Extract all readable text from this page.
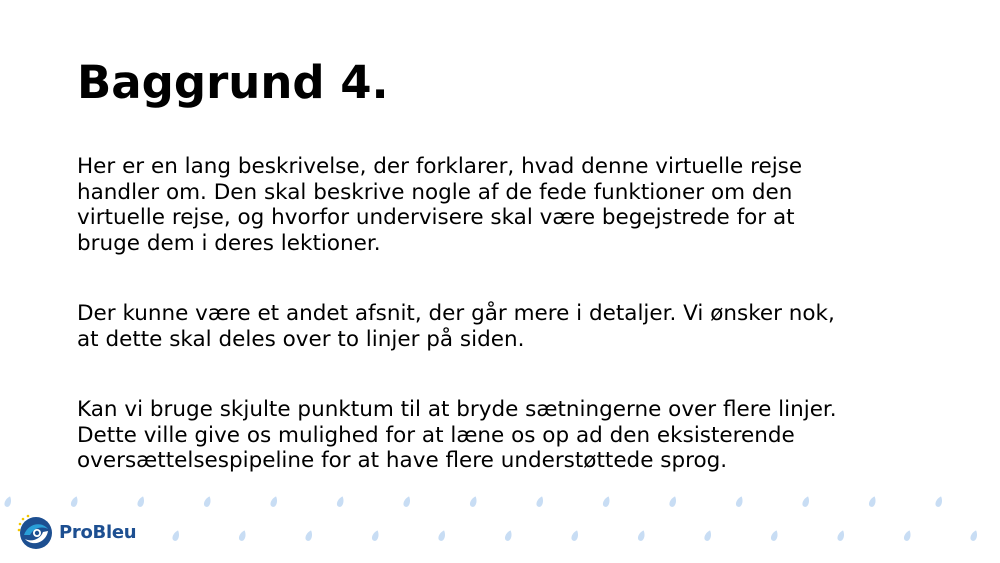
Baggrund 4.

Her er en lang beskrivelse, der forklarer, hvad denne virtuelle rejse
handler om. Den skal beskrive nogle af de fede funktioner om den
virtuelle rejse, og hvorfor undervisere skal være begejstrede for at
bruge dem i deres lektioner.

Der kunne være et andet afsnit, der går mere i detaljer. Vi ønsker nok,
at dette skal deles over to linjer på siden.

Kan vi bruge skjulte punktum til at bryde sætningerne over flere linjer.
Dette ville give os mulighed for at læne os op ad den eksisterende
oversættelsespipeline for at have flere understøttede sprog.

ProBleu
